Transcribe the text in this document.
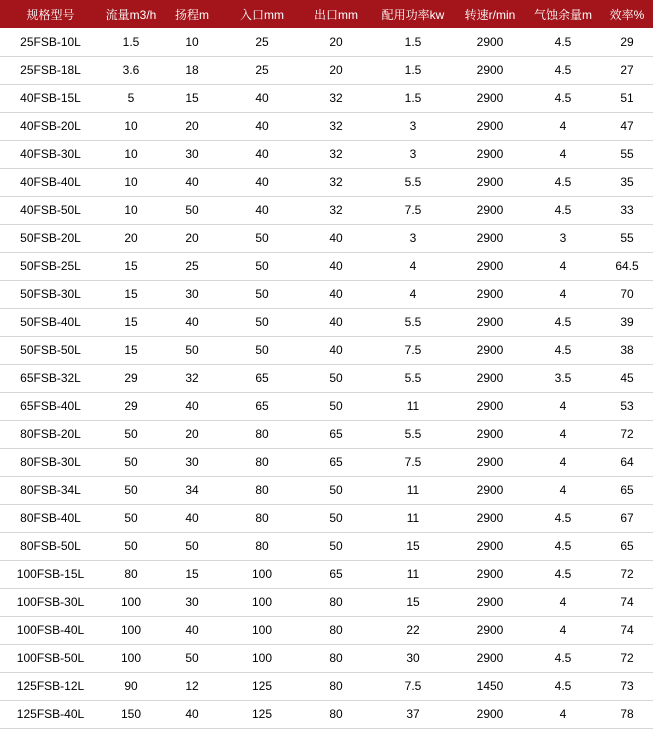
规格型号	流量m3/h	扬程m	入口mm	出口mm	配用功率kw	转速r/min	气蚀余量m	效率%
25FSB-10L	1.5	10	25	20	1.5	2900	4.5	29
25FSB-18L	3.6	18	25	20	1.5	2900	4.5	27
40FSB-15L	5	15	40	32	1.5	2900	4.5	51
40FSB-20L	10	20	40	32	3	2900	4	47
40FSB-30L	10	30	40	32	3	2900	4	55
40FSB-40L	10	40	40	32	5.5	2900	4.5	35
40FSB-50L	10	50	40	32	7.5	2900	4.5	33
50FSB-20L	20	20	50	40	3	2900	3	55
50FSB-25L	15	25	50	40	4	2900	4	64.5
50FSB-30L	15	30	50	40	4	2900	4	70
50FSB-40L	15	40	50	40	5.5	2900	4.5	39
50FSB-50L	15	50	50	40	7.5	2900	4.5	38
65FSB-32L	29	32	65	50	5.5	2900	3.5	45
65FSB-40L	29	40	65	50	11	2900	4	53
80FSB-20L	50	20	80	65	5.5	2900	4	72
80FSB-30L	50	30	80	65	7.5	2900	4	64
80FSB-34L	50	34	80	50	11	2900	4	65
80FSB-40L	50	40	80	50	11	2900	4.5	67
80FSB-50L	50	50	80	50	15	2900	4.5	65
100FSB-15L	80	15	100	65	11	2900	4.5	72
100FSB-30L	100	30	100	80	15	2900	4	74
100FSB-40L	100	40	100	80	22	2900	4	74
100FSB-50L	100	50	100	80	30	2900	4.5	72
125FSB-12L	90	12	125	80	7.5	1450	4.5	73
125FSB-40L	150	40	125	80	37	2900	4	78
